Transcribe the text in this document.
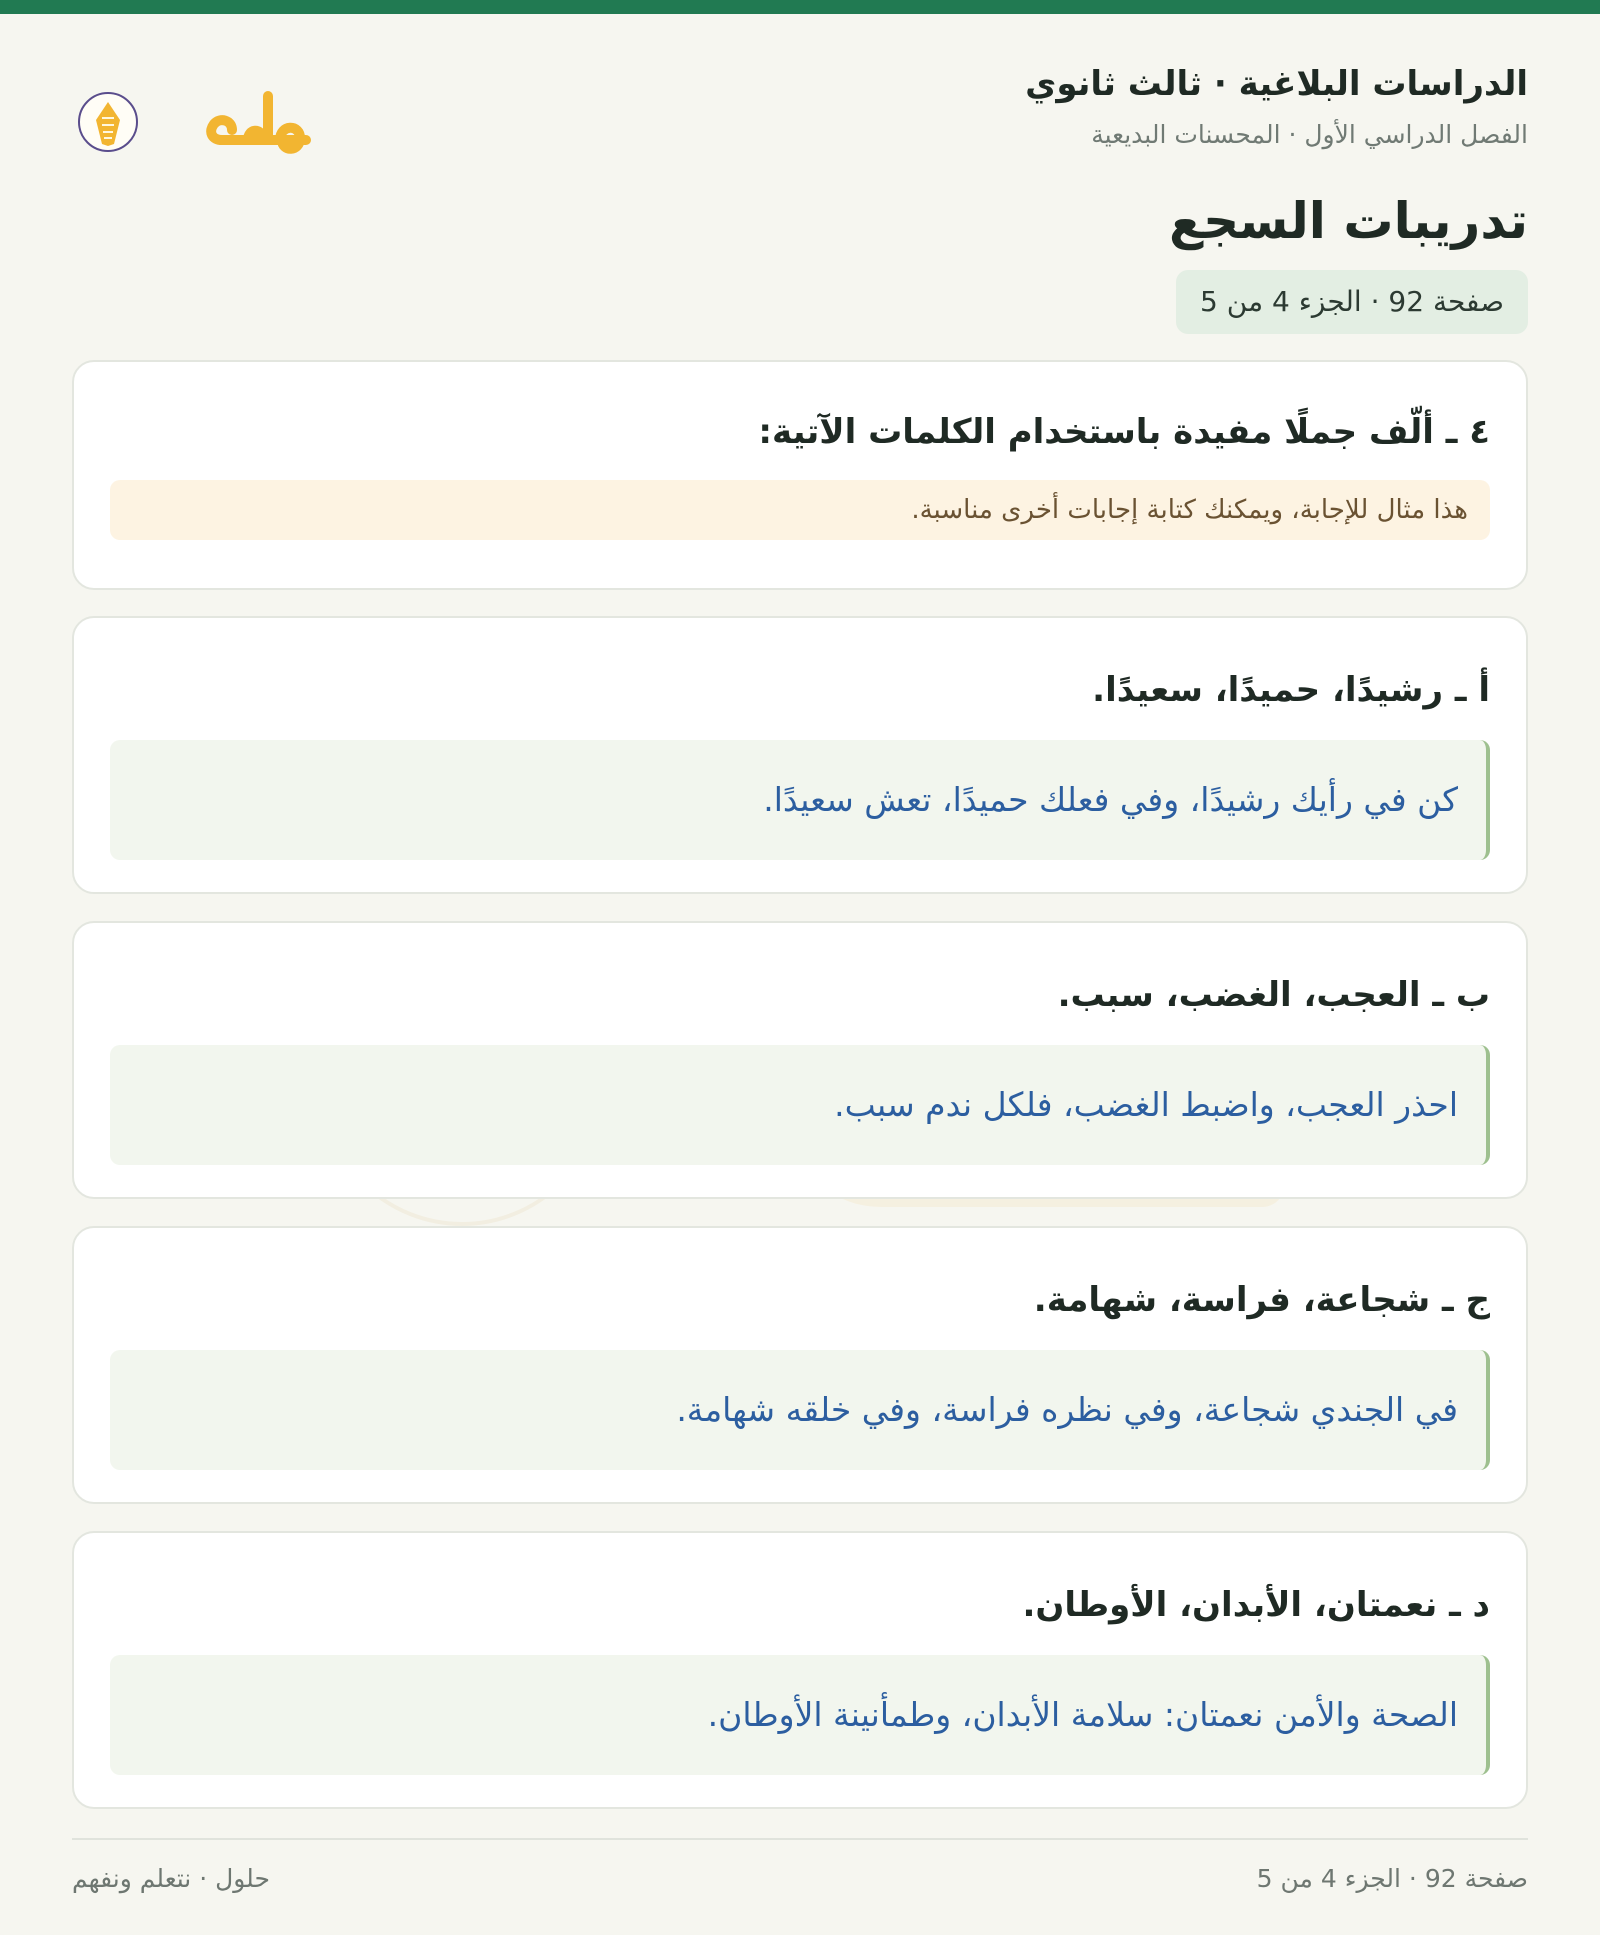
الدراسات البلاغية · ثالث ثانوي
الفصل الدراسي الأول · المحسنات البديعية
تدريبات السجع
صفحة 92 · الجزء 4 من 5
٤ ـ ألّف جملًا مفيدة باستخدام الكلمات الآتية:
هذا مثال للإجابة، ويمكنك كتابة إجابات أخرى مناسبة.
أ ـ رشيدًا، حميدًا، سعيدًا.
كن في رأيك رشيدًا، وفي فعلك حميدًا، تعش سعيدًا.
ب ـ العجب، الغضب، سبب.
احذر العجب، واضبط الغضب، فلكل ندم سبب.
ج ـ شجاعة، فراسة، شهامة.
في الجندي شجاعة، وفي نظره فراسة، وفي خلقه شهامة.
د ـ نعمتان، الأبدان، الأوطان.
الصحة والأمن نعمتان: سلامة الأبدان، وطمأنينة الأوطان.
صفحة 92 · الجزء 4 من 5
حلول · نتعلم ونفهم
